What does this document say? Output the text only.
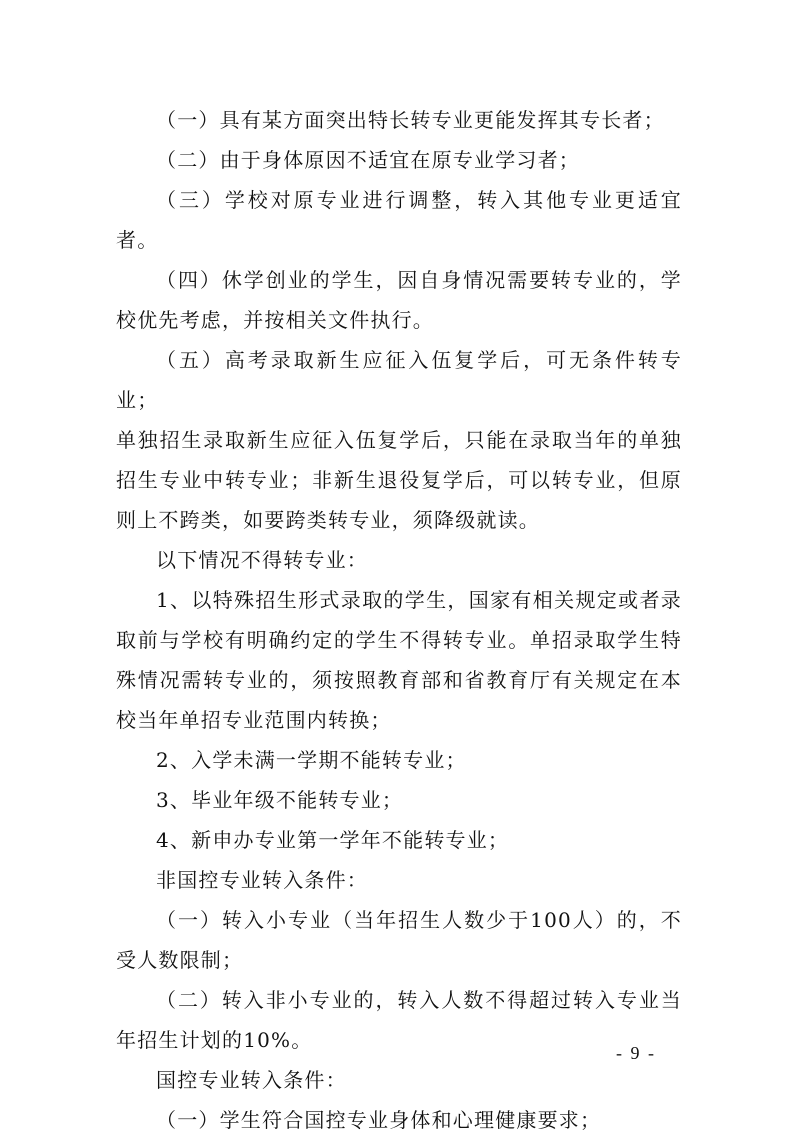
（一）具有某方面突出特长转专业更能发挥其专长者；

（二）由于身体原因不适宜在原专业学习者；

（三）学校对原专业进行调整，转入其他专业更适宜者。

（四）休学创业的学生，因自身情况需要转专业的，学校优先考虑，并按相关文件执行。

（五）高考录取新生应征入伍复学后，可无条件转专业；

单独招生录取新生应征入伍复学后，只能在录取当年的单独招生专业中转专业；非新生退役复学后，可以转专业，但原则上不跨类，如要跨类转专业，须降级就读。

以下情况不得转专业：

1、以特殊招生形式录取的学生，国家有相关规定或者录取前与学校有明确约定的学生不得转专业。单招录取学生特殊情况需转专业的，须按照教育部和省教育厅有关规定在本校当年单招专业范围内转换；

2、入学未满一学期不能转专业；

3、毕业年级不能转专业；

4、新申办专业第一学年不能转专业；

非国控专业转入条件：

（一）转入小专业（当年招生人数少于100人）的，不受人数限制；

（二）转入非小专业的，转入人数不得超过转入专业当年招生计划的10%。

国控专业转入条件：

（一）学生符合国控专业身体和心理健康要求；

- 9 -
